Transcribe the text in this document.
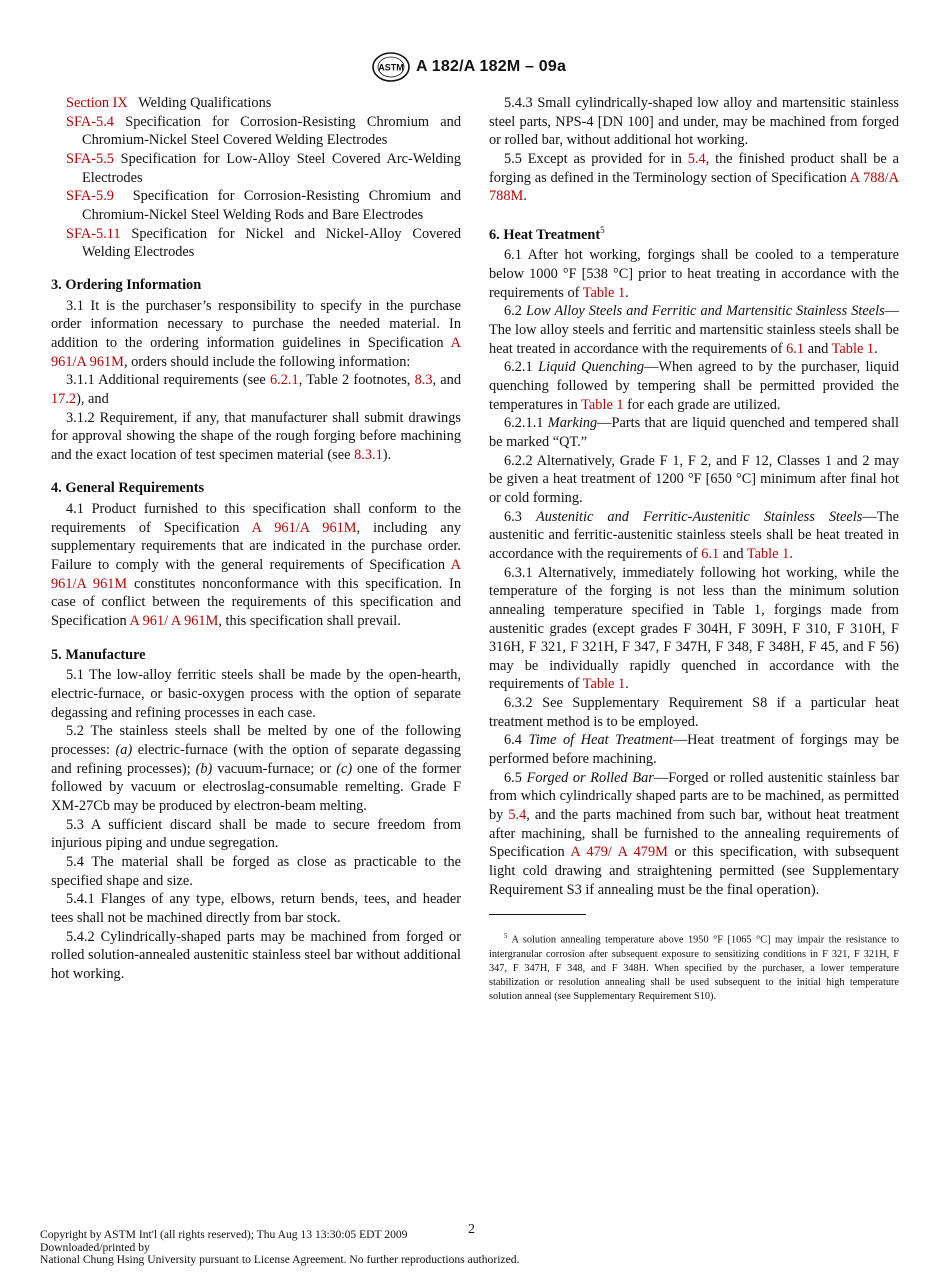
ASTM A 182/A 182M – 09a
Section IX Welding Qualifications
SFA-5.4 Specification for Corrosion-Resisting Chromium and Chromium-Nickel Steel Covered Welding Electrodes
SFA-5.5 Specification for Low-Alloy Steel Covered Arc-Welding Electrodes
SFA-5.9 Specification for Corrosion-Resisting Chromium and Chromium-Nickel Steel Welding Rods and Bare Electrodes
SFA-5.11 Specification for Nickel and Nickel-Alloy Covered Welding Electrodes
3. Ordering Information

3.1 It is the purchaser’s responsibility to specify in the purchase order information necessary to purchase the needed material. In addition to the ordering information guidelines in Specification A 961/A 961M, orders should include the following information:

3.1.1 Additional requirements (see 6.2.1, Table 2 footnotes, 8.3, and 17.2), and

3.1.2 Requirement, if any, that manufacturer shall submit drawings for approval showing the shape of the rough forging before machining and the exact location of test specimen material (see 8.3.1).

4. General Requirements

4.1 Product furnished to this specification shall conform to the requirements of Specification A 961/A 961M, including any supplementary requirements that are indicated in the purchase order. Failure to comply with the general requirements of Specification A 961/A 961M constitutes nonconformance with this specification. In case of conflict between the requirements of this specification and Specification A 961/ A 961M, this specification shall prevail.

5. Manufacture

5.1 The low-alloy ferritic steels shall be made by the open-hearth, electric-furnace, or basic-oxygen process with the option of separate degassing and refining processes in each case.

5.2 The stainless steels shall be melted by one of the following processes: (a) electric-furnace (with the option of separate degassing and refining processes); (b) vacuum-furnace; or (c) one of the former followed by vacuum or electroslag-consumable remelting. Grade F XM-27Cb may be produced by electron-beam melting.

5.3 A sufficient discard shall be made to secure freedom from injurious piping and undue segregation.

5.4 The material shall be forged as close as practicable to the specified shape and size.

5.4.1 Flanges of any type, elbows, return bends, tees, and header tees shall not be machined directly from bar stock.

5.4.2 Cylindrically-shaped parts may be machined from forged or rolled solution-annealed austenitic stainless steel bar without additional hot working.

5.4.3 Small cylindrically-shaped low alloy and martensitic stainless steel parts, NPS-4 [DN 100] and under, may be machined from forged or rolled bar, without additional hot working.

5.5 Except as provided for in 5.4, the finished product shall be a forging as defined in the Terminology section of Specification A 788/A 788M.

6. Heat Treatment$^5$

6.1 After hot working, forgings shall be cooled to a temperature below 1000 °F [538 °C] prior to heat treating in accordance with the requirements of Table 1.

6.2 Low Alloy Steels and Ferritic and Martensitic Stainless Steels—The low alloy steels and ferritic and martensitic stainless steels shall be heat treated in accordance with the requirements of 6.1 and Table 1.

6.2.1 Liquid Quenching—When agreed to by the purchaser, liquid quenching followed by tempering shall be permitted provided the temperatures in Table 1 for each grade are utilized.

6.2.1.1 Marking—Parts that are liquid quenched and tempered shall be marked “QT.”

6.2.2 Alternatively, Grade F 1, F 2, and F 12, Classes 1 and 2 may be given a heat treatment of 1200 °F [650 °C] minimum after final hot or cold forming.

6.3 Austenitic and Ferritic-Austenitic Stainless Steels—The austenitic and ferritic-austenitic stainless steels shall be heat treated in accordance with the requirements of 6.1 and Table 1.

6.3.1 Alternatively, immediately following hot working, while the temperature of the forging is not less than the minimum solution annealing temperature specified in Table 1, forgings made from austenitic grades (except grades F 304H, F 309H, F 310, F 310H, F 316H, F 321, F 321H, F 347, F 347H, F 348, F 348H, F 45, and F 56) may be individually rapidly quenched in accordance with the requirements of Table 1.

6.3.2 See Supplementary Requirement S8 if a particular heat treatment method is to be employed.

6.4 Time of Heat Treatment—Heat treatment of forgings may be performed before machining.

6.5 Forged or Rolled Bar—Forged or rolled austenitic stainless bar from which cylindrically shaped parts are to be machined, as permitted by 5.4, and the parts machined from such bar, without heat treatment after machining, shall be furnished to the annealing requirements of Specification A 479/ A 479M or this specification, with subsequent light cold drawing and straightening permitted (see Supplementary Requirement S3 if annealing must be the final operation).

$^5$ A solution annealing temperature above 1950 °F [1065 °C] may impair the resistance to intergranular corrosion after subsequent exposure to sensitizing conditions in F 321, F 321H, F 347, F 347H, F 348, and F 348H. When specified by the purchaser, a lower temperature stabilization or resolution annealing shall be used subsequent to the initial high temperature solution anneal (see Supplementary Requirement S10).

2
Copyright by ASTM Int'l (all rights reserved); Thu Aug 13 13:30:05 EDT 2009
Downloaded/printed by
National Chung Hsing University pursuant to License Agreement. No further reproductions authorized.
